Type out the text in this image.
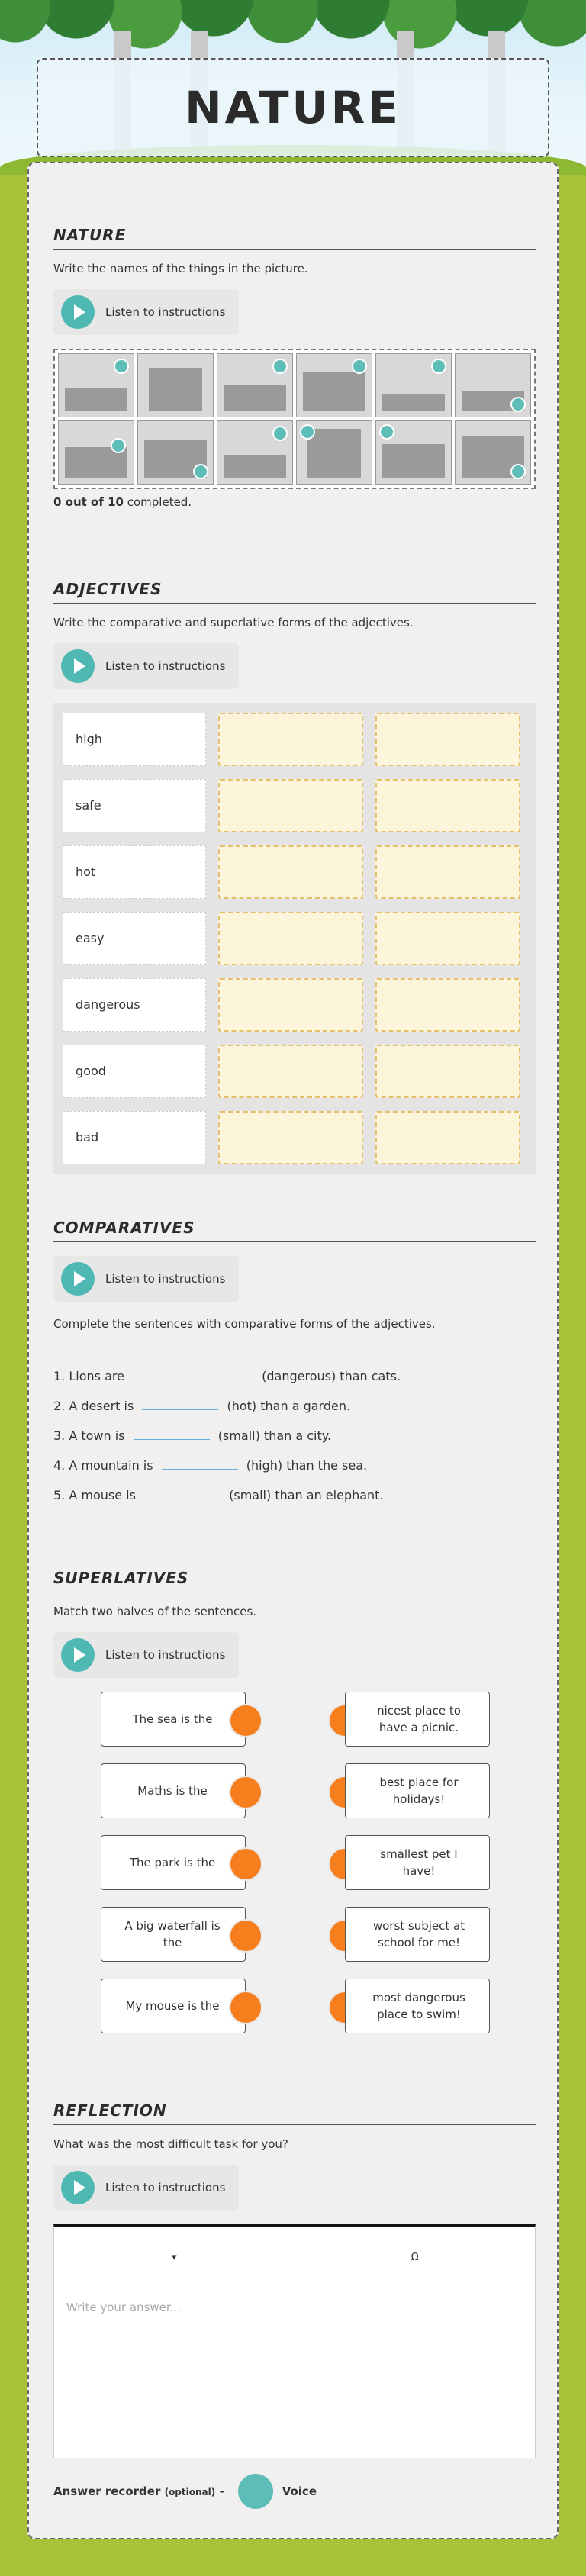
NATURE
NATURE
Write the names of the things in the picture.
Listen to instructions
0 out of 10 completed.
ADJECTIVES
Write the comparative and superlative forms of the adjectives.
Listen to instructions
high
safe
hot
easy
dangerous
good
bad
COMPARATIVES
Listen to instructions
Complete the sentences with comparative forms of the adjectives.
1. Lions are	(dangerous) than cats.
2. A desert is	(hot) than a garden.
3. A town is	(small) than a city.
4. A mountain is	(high) than the sea.
5. A mouse is	(small) than an elephant.
SUPERLATIVES
Match two halves of the sentences.
Listen to instructions
The sea is the
nicest place to have a picnic.
Maths is the
best place for holidays!
The park is the
smallest pet I have!
A big waterfall is the
worst subject at school for me!
My mouse is the
most dangerous place to swim!
REFLECTION
What was the most difficult task for you?
Listen to instructions
▾	Ω
Write your answer...
Answer recorder (optional) -	Voice
